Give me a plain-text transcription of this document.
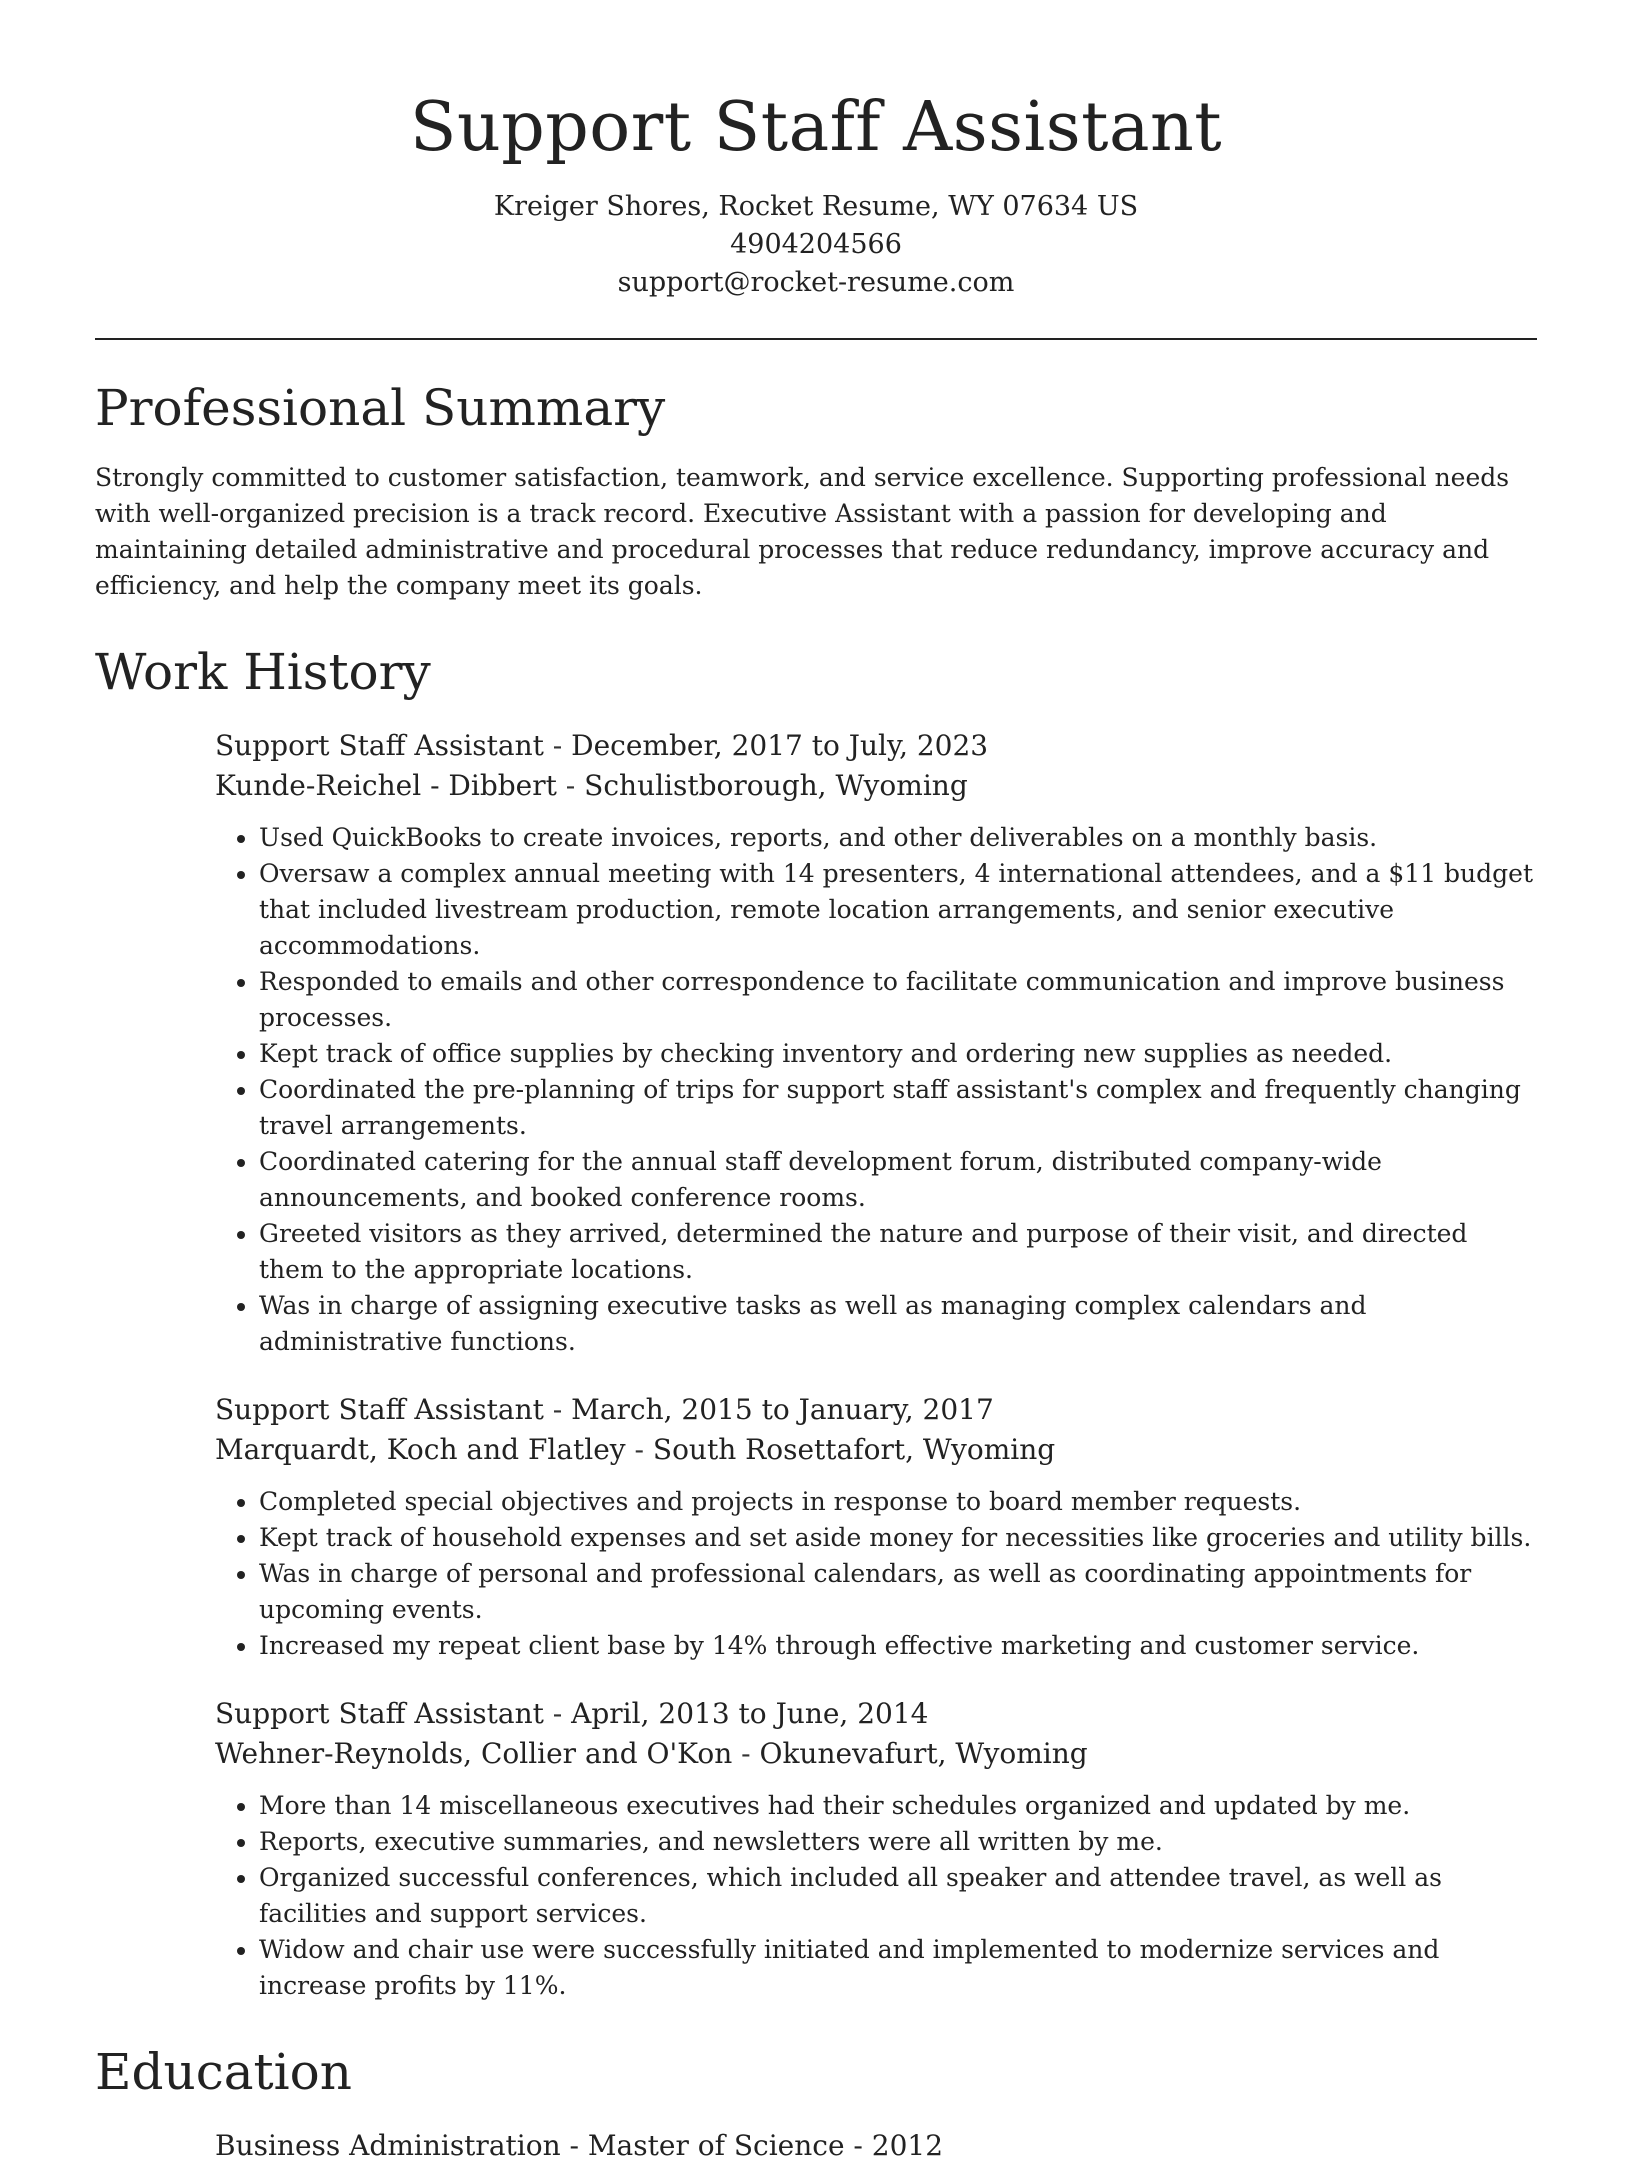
Support Staff Assistant
Kreiger Shores, Rocket Resume, WY 07634 US
4904204566
support@rocket-resume.com
Professional Summary

Strongly committed to customer satisfaction, teamwork, and service excellence. Supporting professional needs with well-organized precision is a track record. Executive Assistant with a passion for developing and maintaining detailed administrative and procedural processes that reduce redundancy, improve accuracy and efficiency, and help the company meet its goals.

Work History
Support Staff Assistant - December, 2017 to July, 2023
Kunde-Reichel - Dibbert - Schulistborough, Wyoming
• Used QuickBooks to create invoices, reports, and other deliverables on a monthly basis.
• Oversaw a complex annual meeting with 14 presenters, 4 international attendees, and a $11 budget that included livestream production, remote location arrangements, and senior executive accommodations.
• Responded to emails and other correspondence to facilitate communication and improve business processes.
• Kept track of office supplies by checking inventory and ordering new supplies as needed.
• Coordinated the pre-planning of trips for support staff assistant's complex and frequently changing travel arrangements.
• Coordinated catering for the annual staff development forum, distributed company-wide announcements, and booked conference rooms.
• Greeted visitors as they arrived, determined the nature and purpose of their visit, and directed them to the appropriate locations.
• Was in charge of assigning executive tasks as well as managing complex calendars and administrative functions.
Support Staff Assistant - March, 2015 to January, 2017
Marquardt, Koch and Flatley - South Rosettafort, Wyoming
• Completed special objectives and projects in response to board member requests.
• Kept track of household expenses and set aside money for necessities like groceries and utility bills.
• Was in charge of personal and professional calendars, as well as coordinating appointments for upcoming events.
• Increased my repeat client base by 14% through effective marketing and customer service.
Support Staff Assistant - April, 2013 to June, 2014
Wehner-Reynolds, Collier and O'Kon - Okunevafurt, Wyoming
• More than 14 miscellaneous executives had their schedules organized and updated by me.
• Reports, executive summaries, and newsletters were all written by me.
• Organized successful conferences, which included all speaker and attendee travel, as well as facilities and support services.
• Widow and chair use were successfully initiated and implemented to modernize services and increase profits by 11%.
Education
Business Administration - Master of Science - 2012
